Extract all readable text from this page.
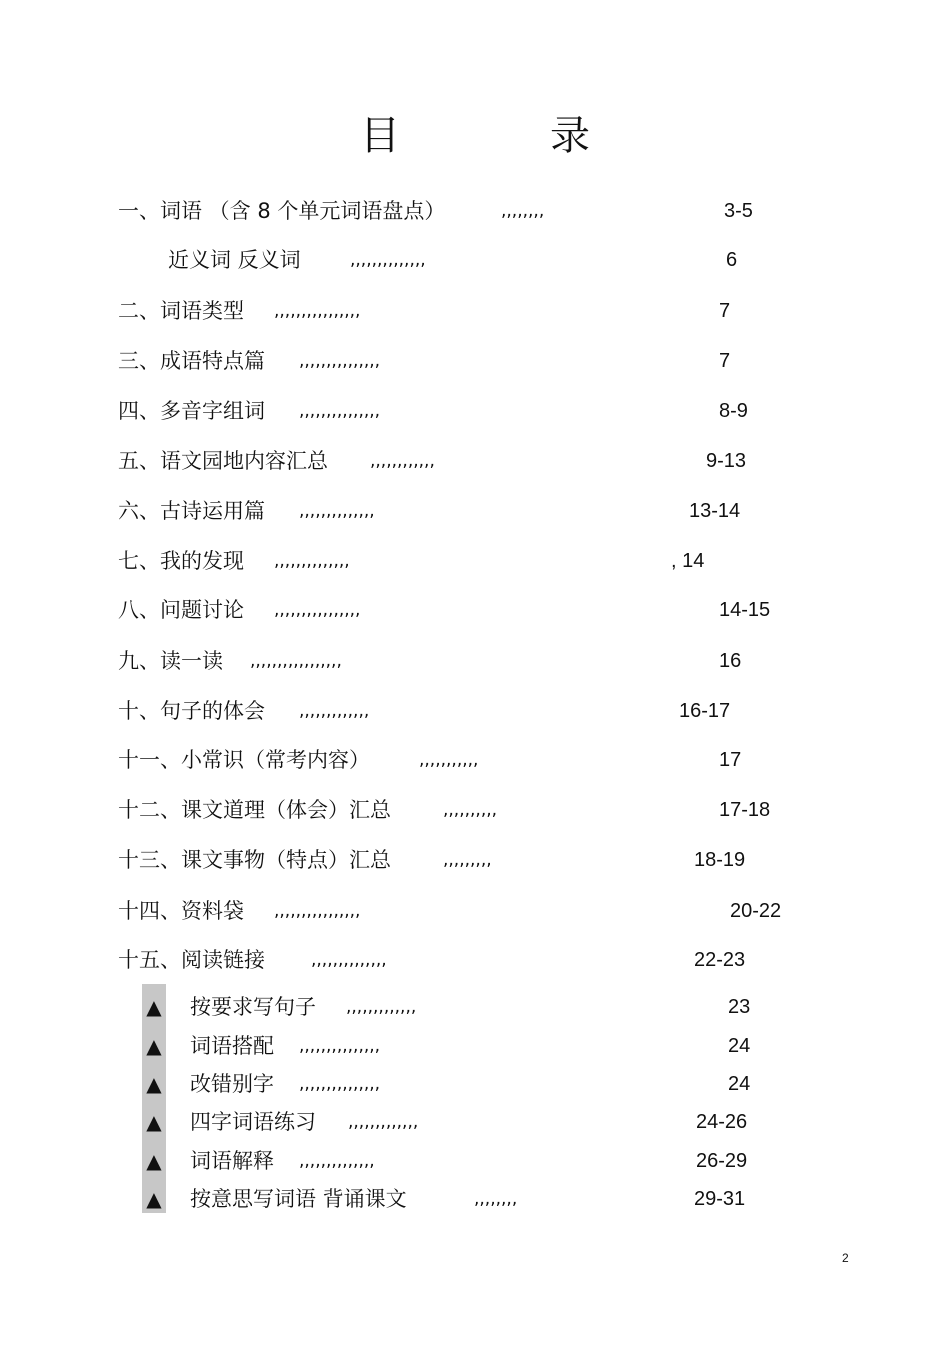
目	录
一、词语 （含 8 个单元词语盘点）	,,,,,,,,	3-5
近义词 反义词	,,,,,,,,,,,,,,	6
二、词语类型 ,,,,,,,,,,,,,,,,	7
三、成语特点篇 ,,,,,,,,,,,,,,,	7
四、多音字组词 ,,,,,,,,,,,,,,,	8-9
五、语文园地内容汇总 ,,,,,,,,,,,,	9-13
六、古诗运用篇 ,,,,,,,,,,,,,,	13-14
七、我的发现 ,,,,,,,,,,,,,,	, 14
八、问题讨论 ,,,,,,,,,,,,,,,,	14-15
九、读一读 ,,,,,,,,,,,,,,,,,	16
十、句子的体会 ,,,,,,,,,,,,,	16-17
十一、小常识（常考内容）	,,,,,,,,,,,	17
十二、课文道理（体会）汇总	,,,,,,,,,,	17-18
十三、课文事物（特点）汇总	,,,,,,,,,	18-19
十四、资料袋 ,,,,,,,,,,,,,,,,	20-22
十五、阅读链接	,,,,,,,,,,,,,,	22-23
▲ 按要求写句子 ,,,,,,,,,,,,,	23
▲ 词语搭配 ,,,,,,,,,,,,,,,	24
▲ 改错别字 ,,,,,,,,,,,,,,,	24
▲ 四字词语练习 ,,,,,,,,,,,,,	24-26
▲ 词语解释 ,,,,,,,,,,,,,,	26-29
▲ 按意思写词语 背诵课文	,,,,,,,,	29-31
2
